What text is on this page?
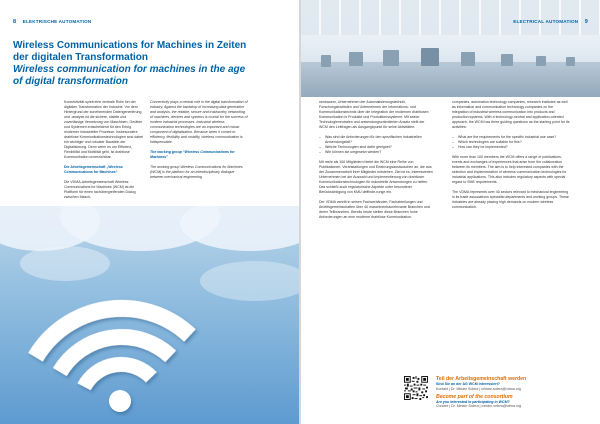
8 ELEKTRISCHE AUTOMATION
Wireless Communications for Machines in Zeiten
der digitalen Transformation
Wireless communication for machines in the age
of digital transformation

Konnektivität spielt eine zentrale Rolle bei der digitalen Transformation der Industrie. Vor dem Hintergrund der zunehmenden Datengenerierung und -analyse ist die sichere, stabile und zuverlässige Vernetzung von Maschinen, Geräten und Systemen entscheidend für den Erfolg moderner industrieller Prozesse. Insbesondere drahtlose Kommunikationstechnologien sind dabei ein wichtiger und robuster Baustein der Digitalisierung. Denn wenn es um Effizienz, Flexibilität und Mobilität geht, ist drahtlose Kommunikation unverzichtbar.

Die Arbeitsgemeinschaft „Wireless Communications for Machines“

Die VDMA-Arbeitsgemeinschaft Wireless Communications for Machines (WCM) ist die Plattform für einen fachübergreifenden Dialog zwischen Masch-

Connectivity plays a central role in the digital transformation of industry. Against the backdrop of increasing data generation and analysis, the reliable, secure and trustworthy networking of machines, devices and systems is crucial for the success of modern industrial processes. Industrial wireless communication technologies are an important and robust component of digitalisation. Because when it comes to efficiency, flexibility and mobility, wireless communication is indispensable.

The working group “Wireless Communications for Machines”

The working group Wireless Communications for Machines (WCM) is the platform for an interdisciplinary dialogue between mechanical engineering

ELECTRICAL AUTOMATION 9

nenbauern, Unternehmen der Automatisierungstechnik, Forschungsinstituten und Unternehmen der Informations- und Kommunikationstechnik über die Integration der modernen drahtlosen Kommunikation in Produkte und Produktionssysteme. Mit seiner Technologieneutralen und anwendungsorientierten Ansatz stellt der WCM den Leitfragen als Ausgangspunkt für seine Aktivitäten:

– Was sind die Anforderungen für den spezifischen industriellen Anwendungsfall?
– Welche Technologien sind dafür geeignet?
– Wie können sie umgesetzt werden?

Mit mehr als 100 Mitgliedern bietet die WCM eine Reihe von Publikationen, Veranstaltungen und Erfahrungsaustauschen an, die aus der Zusammenarbeit ihrer Mitglieder entstehen. Ziel ist es, interessierten Unternehmen bei der Auswahl und Implementierung von drahtloser Kommunikationstechnologien für industrielle Anwendungen zu helfen. Das schließt auch regulatorische Aspekte unter besonderer Berücksichtigung von KMU deffinde-runge ein.

Der VDMA vertritt in seinen Fachverbänden, Fachabteilungen und Arbeitsgemeinschaften über 40 maschinenbaurelevante Branchen und deren Teilbranchen. Bereits heute stellen diese Branchen hohe Anforderungen an eine moderne drahtlose Kommunikation.

companies, automation technology companies, research institutes as well as information and communication technology companies on the integration of industrial wireless communication into products and production systems. With a technology-neutral and application-oriented approach, the WCM has three guiding questions as the starting point for its activities:

– What are the requirements for the specific industrial use case?
– Which technologies are suitable for this?
– How can they be implemented?

With more than 100 members the WCM offers a range of publications, events and exchanges of experiences that arise from the collaboration between its members. The aim is to help interested companies with the selection and implementation of wireless communication technologies for industrial applications. This also includes regulatory aspects with special regard to SME requirements.

The VDMA represents over 40 sectors relevant to mechanical engineering in its trade associations specialist departments and working groups. These industries are already placing high demands on modern wireless communication.

Teil der Arbeitsgemeinschaft werden
Sind Sie an der AG WCM interessiert?
Kontakt | Dr. Miriam Solera | miriam.solera@vdma.org
Become part of the consortium
Are you interested in participating in WCM?
Contact | Dr. Miriam Solera | miriam.solera@vdma.org
